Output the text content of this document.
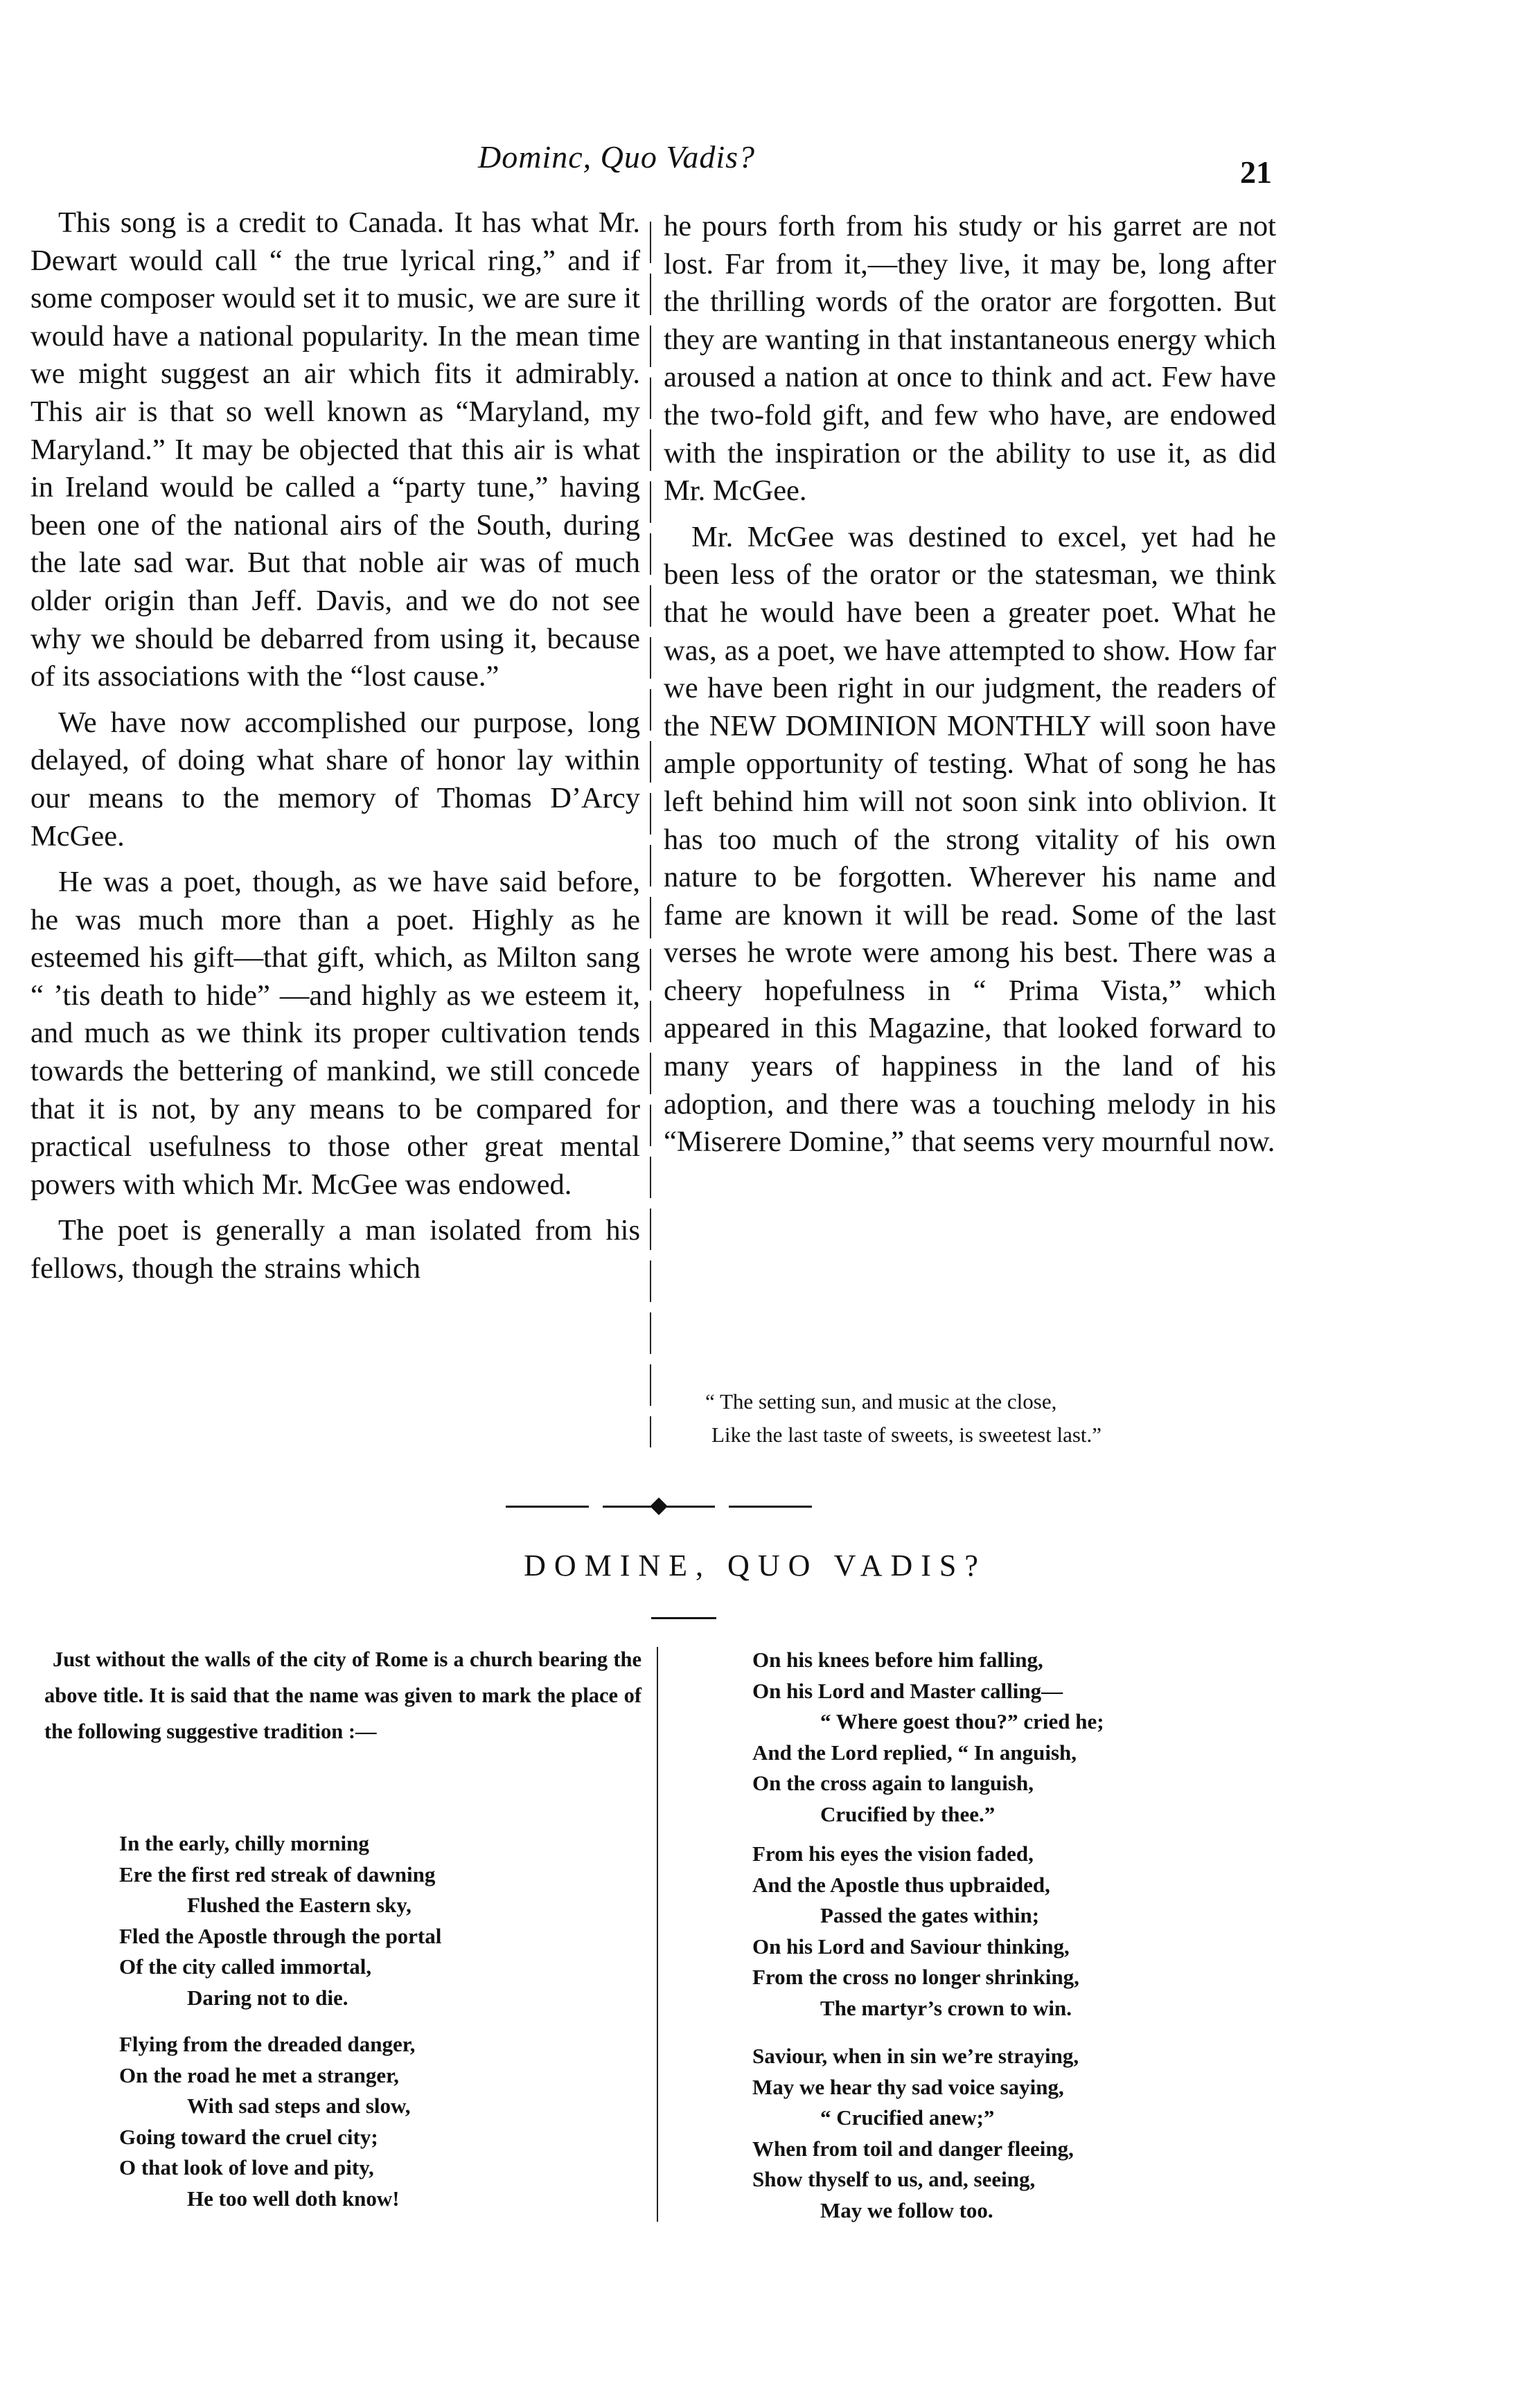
Dominc, Quo Vadis?	21

This song is a credit to Canada. It has what Mr. Dewart would call “ the true lyrical ring,” and if some composer would set it to music, we are sure it would have a national popularity. In the mean time we might suggest an air which fits it admirably. This air is that so well known as “Maryland, my Maryland.” It may be objected that this air is what in Ireland would be called a “party tune,” having been one of the national airs of the South, during the late sad war. But that noble air was of much older origin than Jeff. Davis, and we do not see why we should be debarred from using it, because of its associations with the “lost cause.”

We have now accomplished our purpose, long delayed, of doing what share of honor lay within our means to the memory of Thomas D’Arcy McGee.

He was a poet, though, as we have said before, he was much more than a poet. Highly as he esteemed his gift—that gift, which, as Milton sang “ ’tis death to hide” —and highly as we esteem it, and much as we think its proper cultivation tends towards the bettering of mankind, we still concede that it is not, by any means to be compared for practical usefulness to those other great mental powers with which Mr. McGee was endowed.

The poet is generally a man isolated from his fellows, though the strains which

he pours forth from his study or his garret are not lost. Far from it,—they live, it may be, long after the thrilling words of the orator are forgotten. But they are wanting in that instantaneous energy which aroused a nation at once to think and act. Few have the two-fold gift, and few who have, are endowed with the inspiration or the ability to use it, as did Mr. McGee.

Mr. McGee was destined to excel, yet had he been less of the orator or the statesman, we think that he would have been a greater poet. What he was, as a poet, we have attempted to show. How far we have been right in our judgment, the readers of the NEW DOMINION MONTHLY will soon have ample opportunity of testing. What of song he has left behind him will not soon sink into oblivion. It has too much of the strong vitality of his own nature to be forgotten. Wherever his name and fame are known it will be read. Some of the last verses he wrote were among his best. There was a cheery hopefulness in “ Prima Vista,” which appeared in this Magazine, that looked forward to many years of happiness in the land of his adoption, and there was a touching melody in his “Miserere Domine,” that seems very mournful now.

“ The setting sun, and music at the close,
Like the last taste of sweets, is sweetest last.”
DOMINE, QUO VADIS?

Just without the walls of the city of Rome is a church bearing the above title. It is said that the name was given to mark the place of the following suggestive tradition :—

In the early, chilly morning
Ere the first red streak of dawning
Flushed the Eastern sky,
Fled the Apostle through the portal
Of the city called immortal,
Daring not to die.
Flying from the dreaded danger,
On the road he met a stranger,
With sad steps and slow,
Going toward the cruel city;
O that look of love and pity,
He too well doth know!
On his knees before him falling,
On his Lord and Master calling—
“ Where goest thou?” cried he;
And the Lord replied, “ In anguish,
On the cross again to languish,
Crucified by thee.”
From his eyes the vision faded,
And the Apostle thus upbraided,
Passed the gates within;
On his Lord and Saviour thinking,
From the cross no longer shrinking,
The martyr’s crown to win.
Saviour, when in sin we’re straying,
May we hear thy sad voice saying,
“ Crucified anew;”
When from toil and danger fleeing,
Show thyself to us, and, seeing,
May we follow too.
